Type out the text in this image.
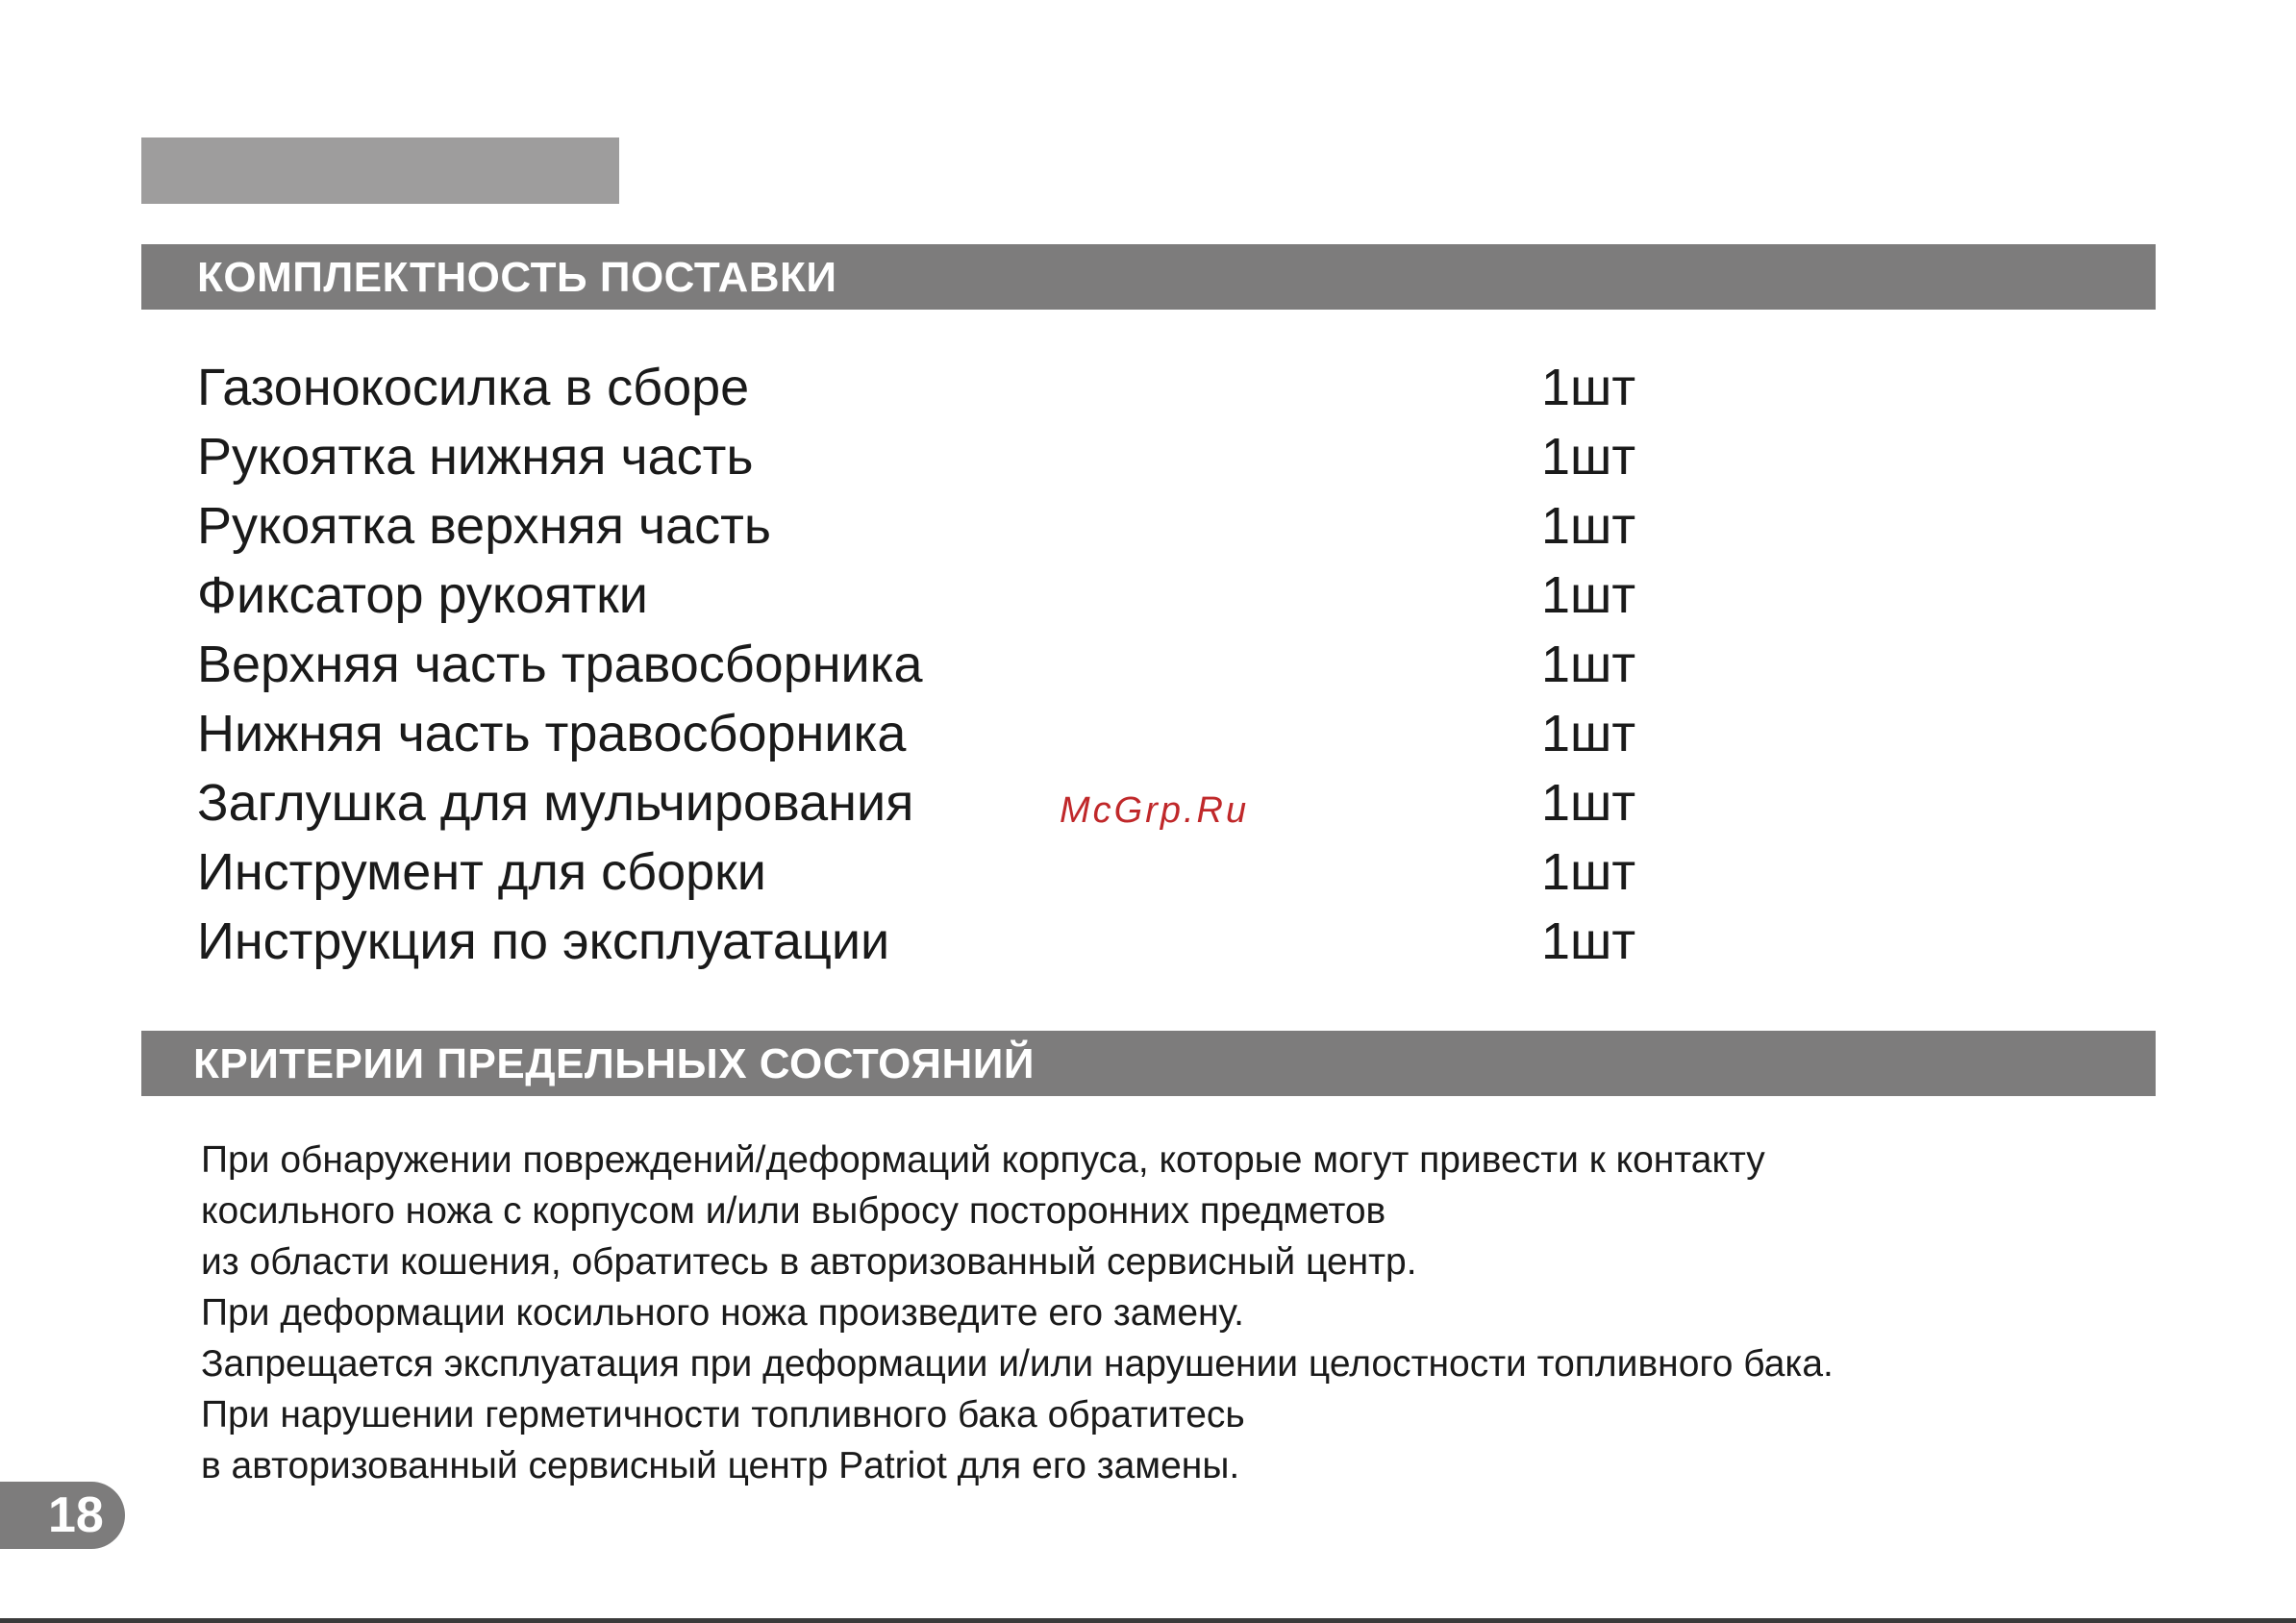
КОМПЛЕКТНОСТЬ ПОСТАВКИ
Газонокосилка в сборе	1шт
Рукоятка нижняя часть	1шт
Рукоятка верхняя часть	1шт
Фиксатор рукоятки	1шт
Верхняя часть травосборника	1шт
Нижняя часть травосборника	1шт
Заглушка для мульчирования	1шт
Инструмент для сборки	1шт
Инструкция по эксплуатации	1шт
McGrp.Ru
КРИТЕРИИ ПРЕДЕЛЬНЫХ СОСТОЯНИЙ
При обнаружении повреждений/деформаций корпуса, которые могут привести к контакту
косильного ножа с корпусом и/или выбросу посторонних предметов
из области кошения, обратитесь в авторизованный сервисный центр.
При деформации косильного ножа произведите его замену.
Запрещается эксплуатация при деформации и/или нарушении целостности топливного бака.
При нарушении герметичности топливного бака обратитесь
в авторизованный сервисный центр Patriot для его замены.
18
